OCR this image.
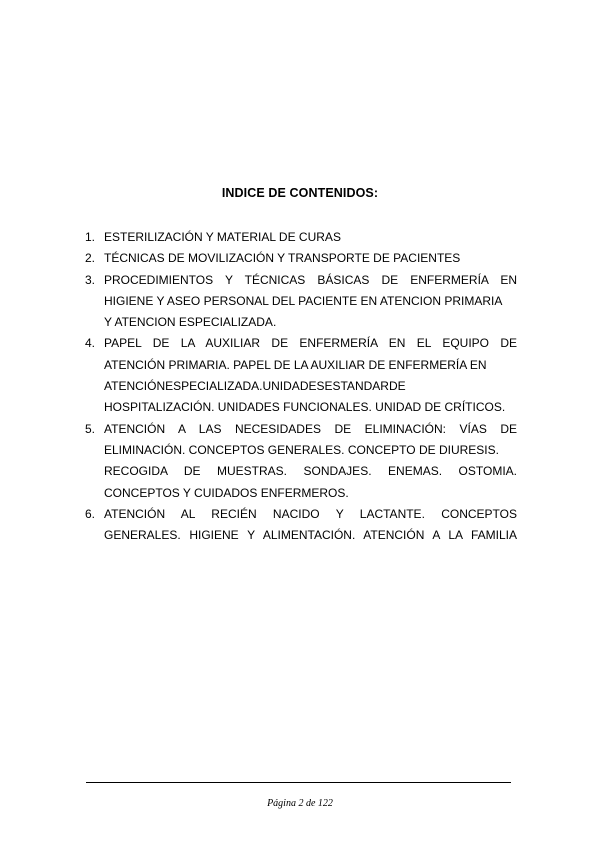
INDICE DE CONTENIDOS:
1. ESTERILIZACIÓN Y MATERIAL DE CURAS
2. TÉCNICAS DE MOVILIZACIÓN Y TRANSPORTE DE PACIENTES
3. PROCEDIMIENTOS Y TÉCNICAS BÁSICAS DE ENFERMERÍA EN
HIGIENE Y ASEO PERSONAL DEL PACIENTE EN ATENCION PRIMARIA
Y ATENCION ESPECIALIZADA.
4. PAPEL DE LA AUXILIAR DE ENFERMERÍA EN EL EQUIPO DE
ATENCIÓN PRIMARIA. PAPEL DE LA AUXILIAR DE ENFERMERÍA EN
ATENCIÓNESPECIALIZADA.UNIDADESESTANDARDE
HOSPITALIZACIÓN. UNIDADES FUNCIONALES. UNIDAD DE CRÍTICOS.
5. ATENCIÓN A LAS NECESIDADES DE ELIMINACIÓN: VÍAS DE
ELIMINACIÓN. CONCEPTOS GENERALES. CONCEPTO DE DIURESIS.
RECOGIDA DE MUESTRAS. SONDAJES. ENEMAS. OSTOMIA.
CONCEPTOS Y CUIDADOS ENFERMEROS.
6. ATENCIÓN AL RECIÉN NACIDO Y LACTANTE. CONCEPTOS
GENERALES. HIGIENE Y ALIMENTACIÓN. ATENCIÓN A LA FAMILIA
Página 2 de 122
